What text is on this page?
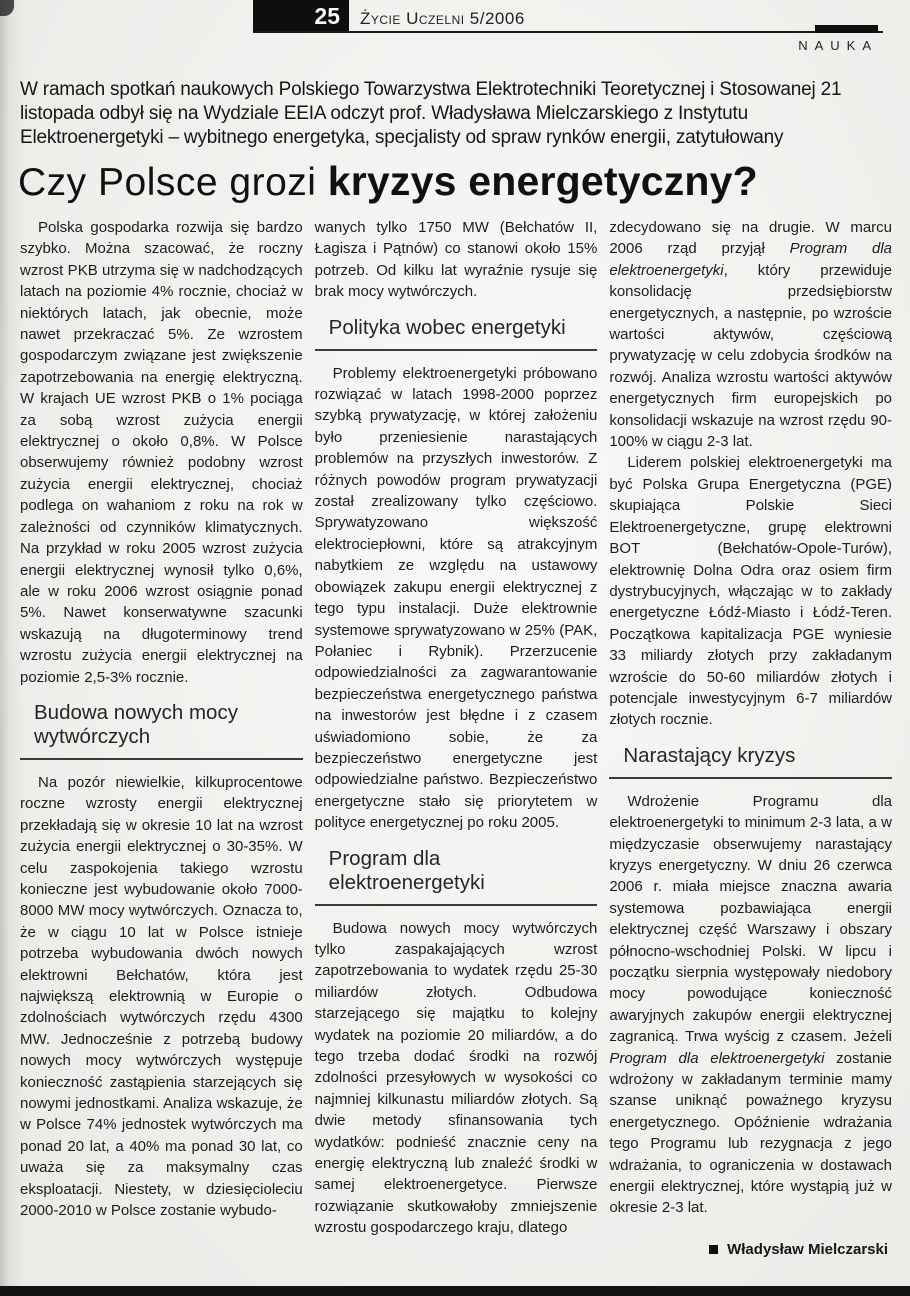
25 Życie Uczelni 5/2006
NAUKA
W ramach spotkań naukowych Polskiego Towarzystwa Elektrotechniki Teoretycznej i Stosowanej 21 listopada odbył się na Wydziale EEIA odczyt prof. Władysława Mielczarskiego z Instytutu Elektroenergetyki – wybitnego energetyka, specjalisty od spraw rynków energii, zatytułowany
Czy Polsce grozi kryzys energetyczny?

Polska gospodarka rozwija się bardzo szybko. Można szacować, że roczny wzrost PKB utrzyma się w nadchodzących latach na poziomie 4% rocznie, chociaż w niektórych latach, jak obecnie, może nawet przekraczać 5%. Ze wzrostem gospodarczym związane jest zwiększenie zapotrzebowania na energię elektryczną. W krajach UE wzrost PKB o 1% pociąga za sobą wzrost zużycia energii elektrycznej o około 0,8%. W Polsce obserwujemy również podobny wzrost zużycia energii elektrycznej, chociaż podlega on wahaniom z roku na rok w zależności od czynników klimatycznych. Na przykład w roku 2005 wzrost zużycia energii elektrycznej wynosił tylko 0,6%, ale w roku 2006 wzrost osiągnie ponad 5%. Nawet konserwatywne szacunki wskazują na długoterminowy trend wzrostu zużycia energii elektrycznej na poziomie 2,5-3% rocznie.

Budowa nowych mocy wytwórczych

Na pozór niewielkie, kilkuprocentowe roczne wzrosty energii elektrycznej przekładają się w okresie 10 lat na wzrost zużycia energii elektrycznej o 30-35%. W celu zaspokojenia takiego wzrostu konieczne jest wybudowanie około 7000-8000 MW mocy wytwórczych. Oznacza to, że w ciągu 10 lat w Polsce istnieje potrzeba wybudowania dwóch nowych elektrowni Bełchatów, która jest największą elektrownią w Europie o zdolnościach wytwórczych rzędu 4300 MW. Jednocześnie z potrzebą budowy nowych mocy wytwórczych występuje konieczność zastąpienia starzejących się nowymi jednostkami. Analiza wskazuje, że w Polsce 74% jednostek wytwórczych ma ponad 20 lat, a 40% ma ponad 30 lat, co uważa się za maksymalny czas eksploatacji. Niestety, w dziesięcioleciu 2000-2010 w Polsce zostanie wybudo-

wanych tylko 1750 MW (Bełchatów II, Łagisza i Pątnów) co stanowi około 15% potrzeb. Od kilku lat wyraźnie rysuje się brak mocy wytwórczych.

Polityka wobec energetyki

Problemy elektroenergetyki próbowano rozwiązać w latach 1998-2000 poprzez szybką prywatyzację, w której założeniu było przeniesienie narastających problemów na przyszłych inwestorów. Z różnych powodów program prywatyzacji został zrealizowany tylko częściowo. Sprywatyzowano większość elektrociepłowni, które są atrakcyjnym nabytkiem ze względu na ustawowy obowiązek zakupu energii elektrycznej z tego typu instalacji. Duże elektrownie systemowe sprywatyzowano w 25% (PAK, Połaniec i Rybnik). Przerzucenie odpowiedzialności za zagwarantowanie bezpieczeństwa energetycznego państwa na inwestorów jest błędne i z czasem uświadomiono sobie, że za bezpieczeństwo energetyczne jest odpowiedzialne państwo. Bezpieczeństwo energetyczne stało się priorytetem w polityce energetycznej po roku 2005.

Program dla elektroenergetyki

Budowa nowych mocy wytwórczych tylko zaspakajających wzrost zapotrzebowania to wydatek rzędu 25-30 miliardów złotych. Odbudowa starzejącego się majątku to kolejny wydatek na poziomie 20 miliardów, a do tego trzeba dodać środki na rozwój zdolności przesyłowych w wysokości co najmniej kilkunastu miliardów złotych. Są dwie metody sfinansowania tych wydatków: podnieść znacznie ceny na energię elektryczną lub znaleźć środki w samej elektroenergetyce. Pierwsze rozwiązanie skutkowałoby zmniejszenie wzrostu gospodarczego kraju, dlatego

zdecydowano się na drugie. W marcu 2006 rząd przyjął Program dla elektroenergetyki, który przewiduje konsolidację przedsiębiorstw energetycznych, a następnie, po wzroście wartości aktywów, częściową prywatyzację w celu zdobycia środków na rozwój. Analiza wzrostu wartości aktywów energetycznych firm europejskich po konsolidacji wskazuje na wzrost rzędu 90-100% w ciągu 2-3 lat.

Liderem polskiej elektroenergetyki ma być Polska Grupa Energetyczna (PGE) skupiająca Polskie Sieci Elektroenergetyczne, grupę elektrowni BOT (Bełchatów-Opole-Turów), elektrownię Dolna Odra oraz osiem firm dystrybucyjnych, włączając w to zakłady energetyczne Łódź-Miasto i Łódź-Teren. Początkowa kapitalizacja PGE wyniesie 33 miliardy złotych przy zakładanym wzroście do 50-60 miliardów złotych i potencjale inwestycyjnym 6-7 miliardów złotych rocznie.

Narastający kryzys

Wdrożenie Programu dla elektroenergetyki to minimum 2-3 lata, a w międzyczasie obserwujemy narastający kryzys energetyczny. W dniu 26 czerwca 2006 r. miała miejsce znaczna awaria systemowa pozbawiająca energii elektrycznej część Warszawy i obszary północno-wschodniej Polski. W lipcu i początku sierpnia występowały niedobory mocy powodujące konieczność awaryjnych zakupów energii elektrycznej zagranicą. Trwa wyścig z czasem. Jeżeli Program dla elektroenergetyki zostanie wdrożony w zakładanym terminie mamy szanse uniknąć poważnego kryzysu energetycznego. Opóźnienie wdrażania tego Programu lub rezygnacja z jego wdrażania, to ograniczenia w dostawach energii elektrycznej, które wystąpią już w okresie 2-3 lat.

Władysław Mielczarski
